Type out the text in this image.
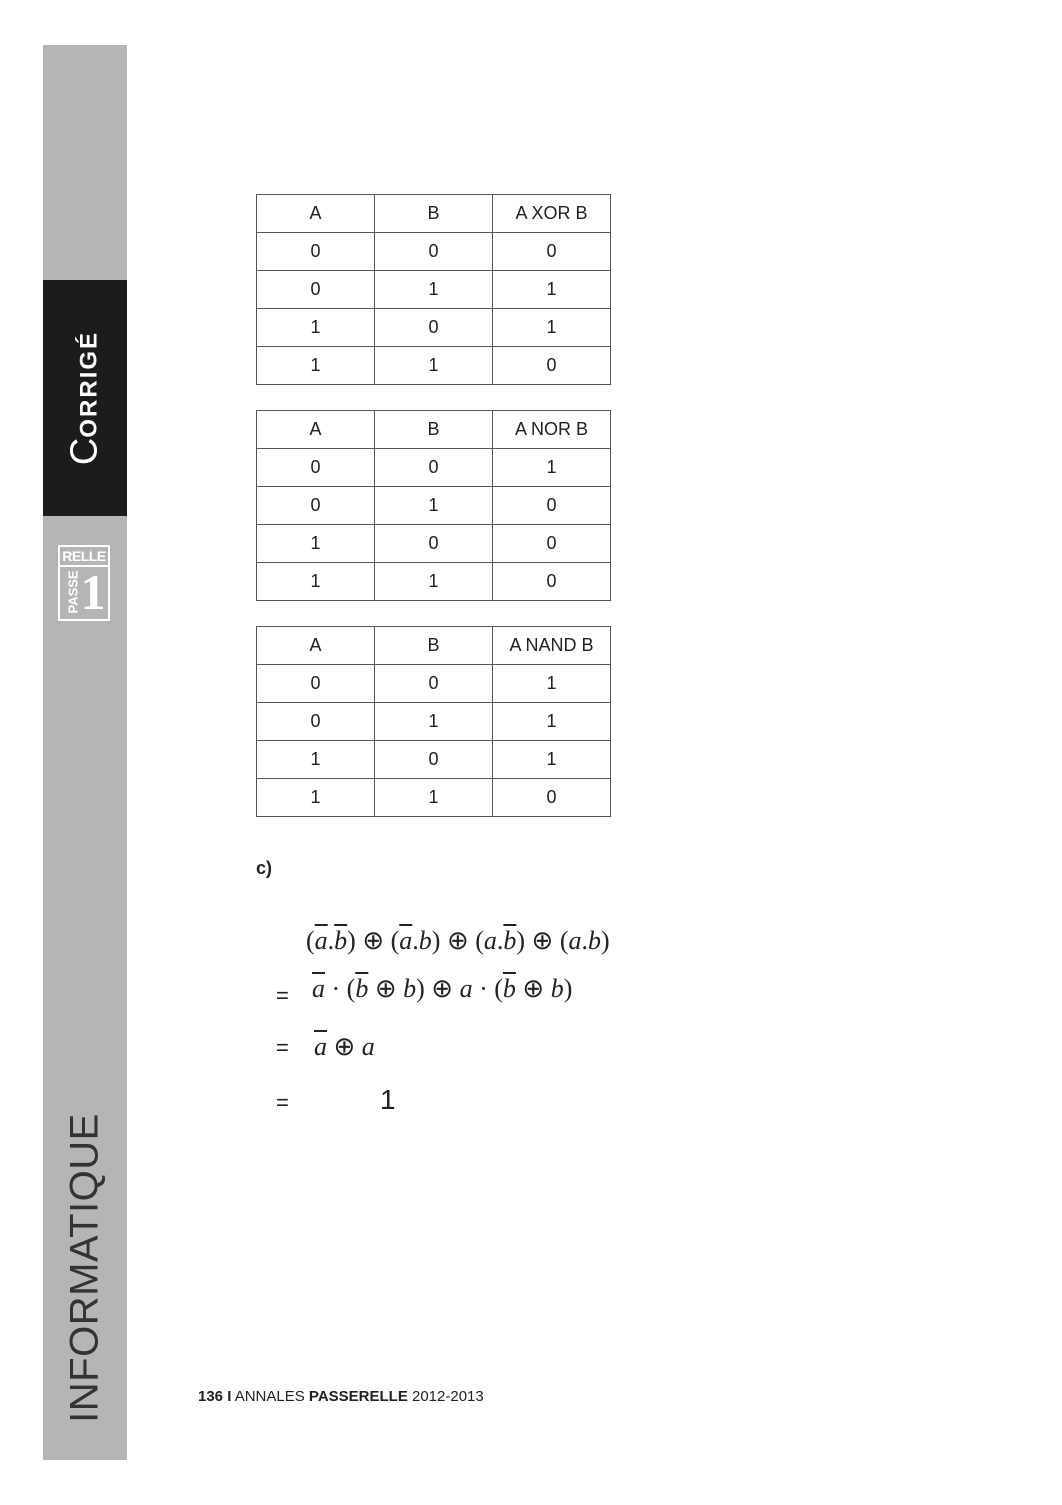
CORRIGÉ
RELLE
PASSE 1
INFORMATIQUE
A	B	A XOR B
0	0	0
0	1	1
1	0	1
1	1	0
A	B	A NOR B
0	0	1
0	1	0
1	0	0
1	1	0
A	B	A NAND B
0	0	1
0	1	1
1	0	1
1	1	0
c)
$(\overline{a}.\overline{b})$ ⊕ $(\overline{a}.b)$ ⊕ $(a.\overline{b})$ ⊕ (a.b)
= $\overline{a} \cdot (\overline{b}$ ⊕ b) ⊕ $a \cdot (\overline{b}$ ⊕ b)
= $\overline{a}$ ⊕ a
=	1
136 I ANNALES PASSERELLE 2012-2013
